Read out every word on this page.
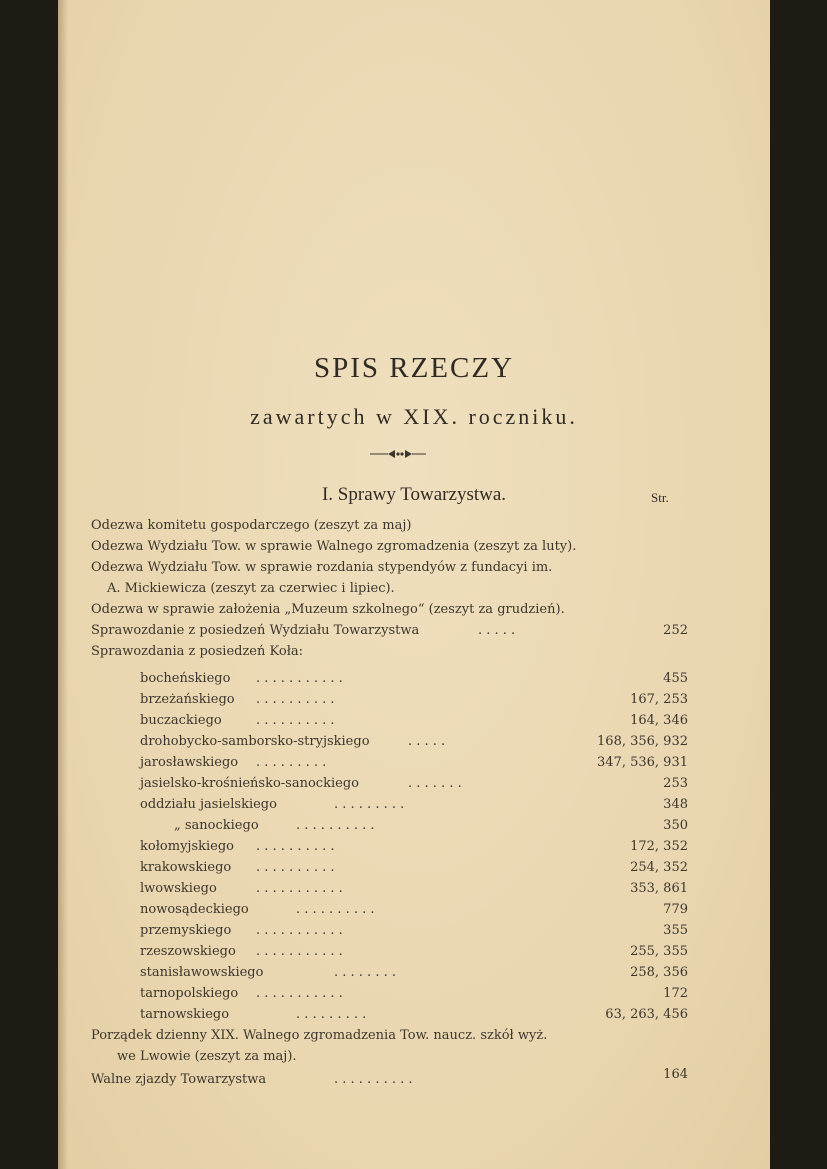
SPIS RZECZY
zawartych w XIX. roczniku.
I. Sprawy Towarzystwa.	Str.
Odezwa komitetu gospodarczego (zeszyt za maj)
Odezwa Wydziału Tow. w sprawie Walnego zgromadzenia (zeszyt za luty).
Odezwa Wydziału Tow. w sprawie rozdania stypendyów z fundacyi im.
A. Mickiewicza (zeszyt za czerwiec i lipiec).
Odezwa w sprawie założenia „Muzeum szkolnego“ (zeszyt za grudzień).
Sprawozdanie z posiedzeń Wydziału Towarzystwa	. . . . .	252
Sprawozdania z posiedzeń Koła:
bocheńskiego . . . . . . . . . . .	455
brzeżańskiego . . . . . . . . . .	167, 253
buczackiego	. . . . . . . . . .	164, 346
drohobycko-samborsko-stryjskiego	. . . . .	168, 356, 932
jarosławskiego . . . . . . . . .	347, 536, 931
jasielsko-krośnieńsko-sanockiego	. . . . . . .	253
oddziału jasielskiego	. . . . . . . . .	348
„ sanockiego	. . . . . . . . . .	350
kołomyjskiego . . . . . . . . . .	172, 352
krakowskiego . . . . . . . . . .	254, 352
lwowskiego	. . . . . . . . . . .	353, 861
nowosądeckiego	. . . . . . . . . .	779
przemyskiego . . . . . . . . . . .	355
rzeszowskiego . . . . . . . . . . .	255, 355
stanisławowskiego	. . . . . . . .	258, 356
tarnopolskiego . . . . . . . . . . .	172
tarnowskiego	. . . . . . . . .	63, 263, 456
Porządek dzienny XIX. Walnego zgromadzenia Tow. naucz. szkół wyż.
we Lwowie (zeszyt za maj).
Walne zjazdy Towarzystwa	. . . . . . . . . .	164
